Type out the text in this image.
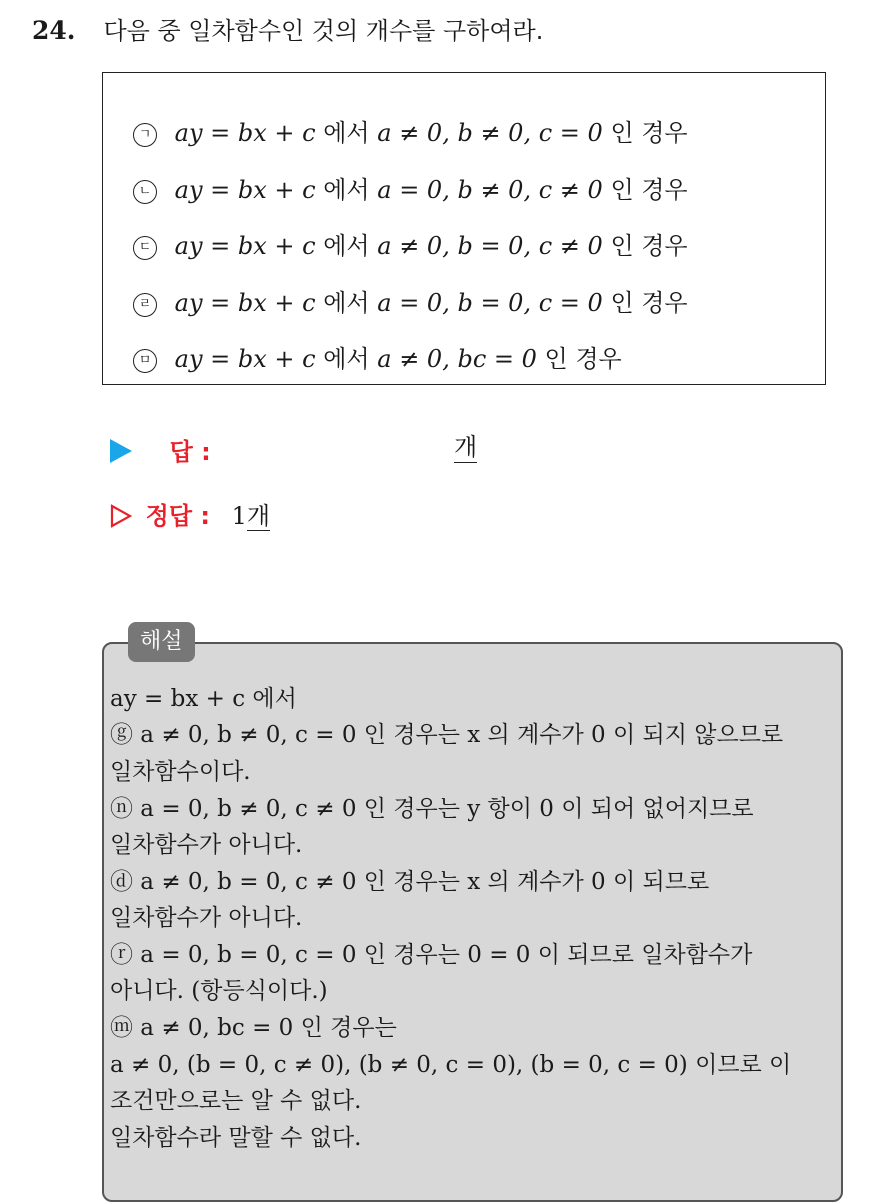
24. 다음 중 일차함수인 것의 개수를 구하여라.
ㄱ ay = bx + c 에서 a ≠ 0, b ≠ 0, c = 0 인 경우
ㄴ ay = bx + c 에서 a = 0, b ≠ 0, c ≠ 0 인 경우
ㄷ ay = bx + c 에서 a ≠ 0, b = 0, c ≠ 0 인 경우
ㄹ ay = bx + c 에서 a = 0, b = 0, c = 0 인 경우
ㅁ ay = bx + c 에서 a ≠ 0, bc = 0 인 경우
답 :	개
정답 : 1개
해설
ay = bx + c 에서
ⓖ a ≠ 0, b ≠ 0, c = 0 인 경우는 x 의 계수가 0 이 되지 않으므로
일차함수이다.
ⓝ a = 0, b ≠ 0, c ≠ 0 인 경우는 y 항이 0 이 되어 없어지므로
일차함수가 아니다.
ⓓ a ≠ 0, b = 0, c ≠ 0 인 경우는 x 의 계수가 0 이 되므로
일차함수가 아니다.
ⓡ a = 0, b = 0, c = 0 인 경우는 0 = 0 이 되므로 일차함수가
아니다. (항등식이다.)
ⓜ a ≠ 0, bc = 0 인 경우는
a ≠ 0, (b = 0, c ≠ 0), (b ≠ 0, c = 0), (b = 0, c = 0) 이므로 이
조건만으로는 알 수 없다.
일차함수라 말할 수 없다.
